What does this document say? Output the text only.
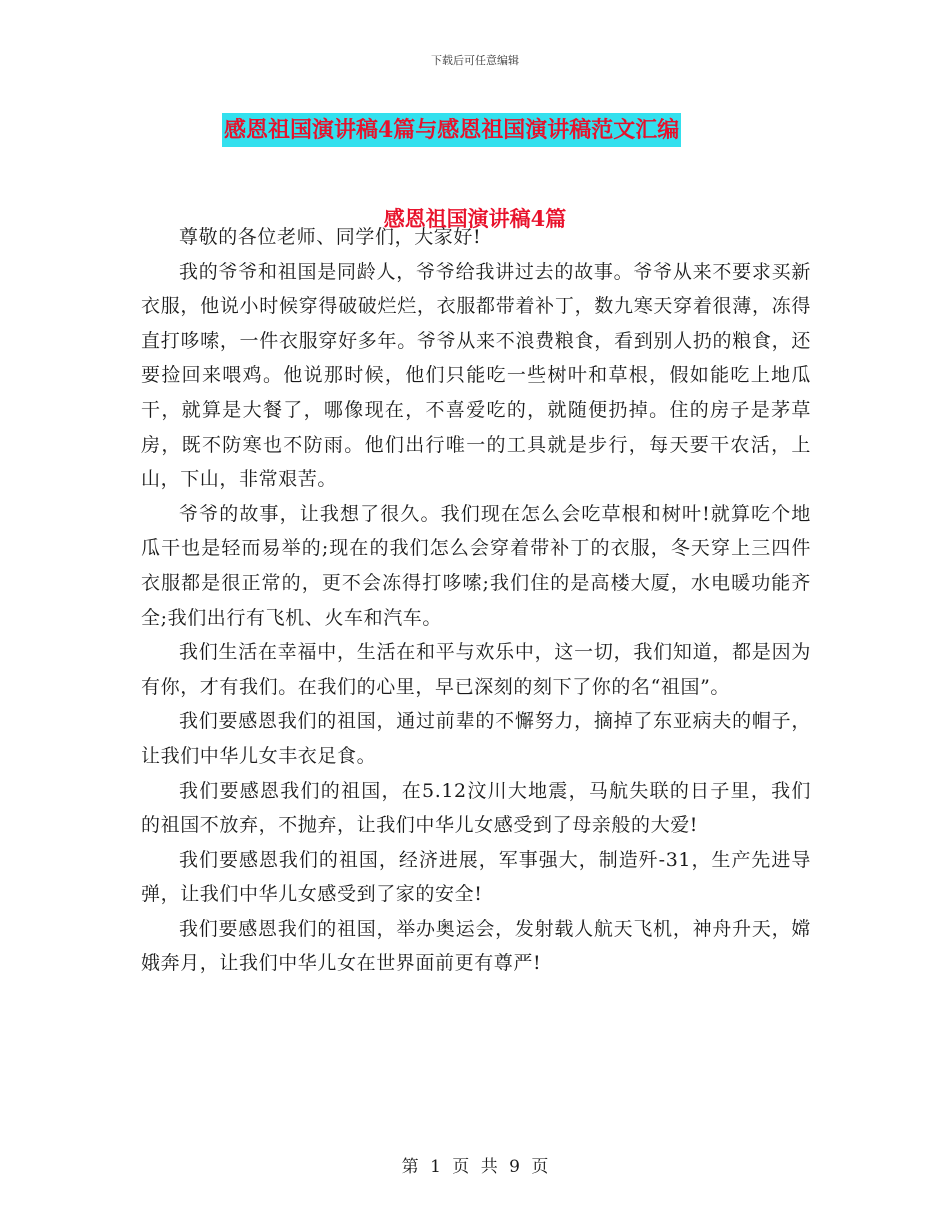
下载后可任意编辑
感恩祖国演讲稿4篇与感恩祖国演讲稿范文汇编
感恩祖国演讲稿4篇

尊敬的各位老师、同学们，大家好!

我的爷爷和祖国是同龄人，爷爷给我讲过去的故事。爷爷从来不要求买新衣服，他说小时候穿得破破烂烂，衣服都带着补丁，数九寒天穿着很薄，冻得直打哆嗦，一件衣服穿好多年。爷爷从来不浪费粮食，看到别人扔的粮食，还要捡回来喂鸡。他说那时候，他们只能吃一些树叶和草根，假如能吃上地瓜干，就算是大餐了，哪像现在，不喜爱吃的，就随便扔掉。住的房子是茅草房，既不防寒也不防雨。他们出行唯一的工具就是步行，每天要干农活，上山，下山，非常艰苦。

爷爷的故事，让我想了很久。我们现在怎么会吃草根和树叶!就算吃个地瓜干也是轻而易举的;现在的我们怎么会穿着带补丁的衣服，冬天穿上三四件衣服都是很正常的，更不会冻得打哆嗦;我们住的是高楼大厦，水电暖功能齐全;我们出行有飞机、火车和汽车。

我们生活在幸福中，生活在和平与欢乐中，这一切，我们知道，都是因为有你，才有我们。在我们的心里，早已深刻的刻下了你的名“祖国”。

我们要感恩我们的祖国，通过前辈的不懈努力，摘掉了东亚病夫的帽子，让我们中华儿女丰衣足食。

我们要感恩我们的祖国，在5.12汶川大地震，马航失联的日子里，我们的祖国不放弃，不抛弃，让我们中华儿女感受到了母亲般的大爱!

我们要感恩我们的祖国，经济进展，军事强大，制造歼-31，生产先进导弹，让我们中华儿女感受到了家的安全!

我们要感恩我们的祖国，举办奥运会，发射载人航天飞机，神舟升天，嫦娥奔月，让我们中华儿女在世界面前更有尊严!

第 1 页 共 9 页
